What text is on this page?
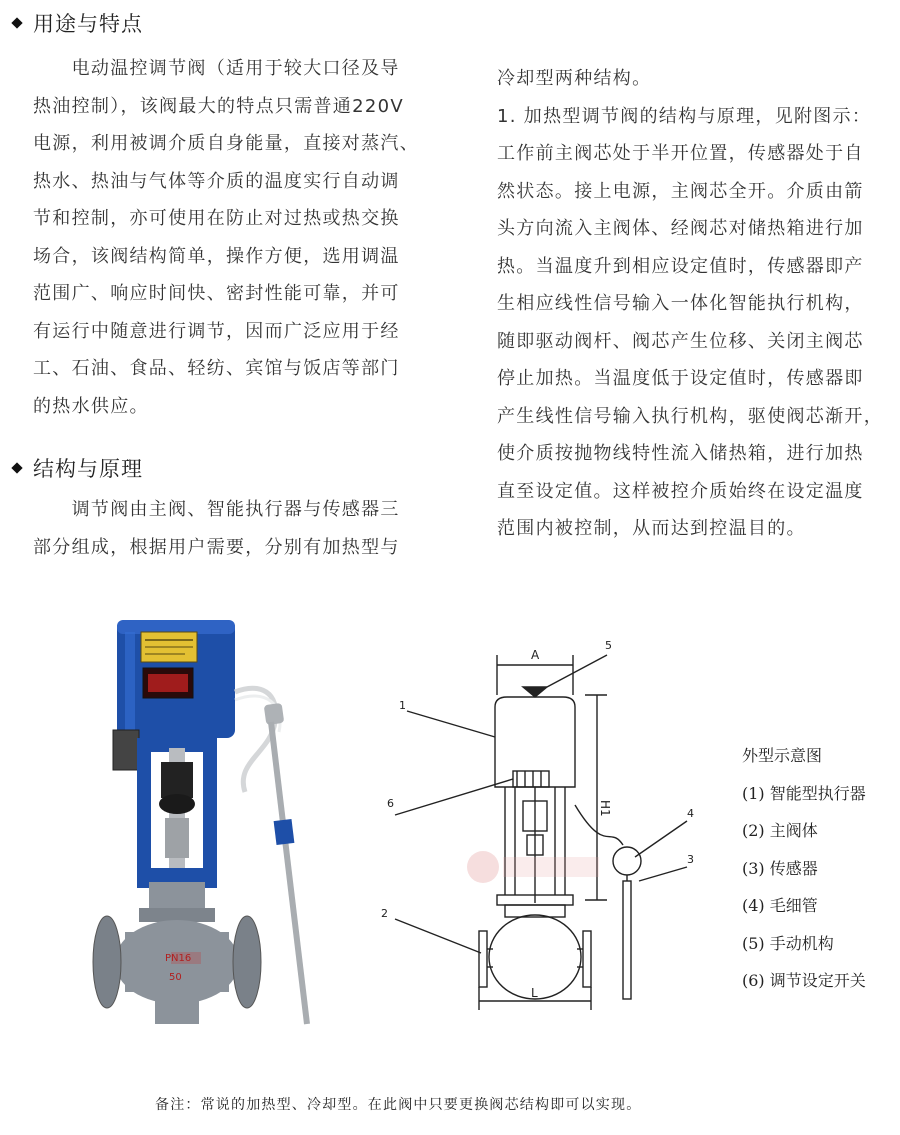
用途与特点
　　电动温控调节阀（适用于较大口径及导
热油控制），该阀最大的特点只需普通220V
电源，利用被调介质自身能量，直接对蒸汽、
热水、热油与气体等介质的温度实行自动调
节和控制，亦可使用在防止对过热或热交换
场合，该阀结构简单，操作方便，选用调温
范围广、响应时间快、密封性能可靠，并可
有运行中随意进行调节，因而广泛应用于经
工、石油、食品、轻纺、宾馆与饭店等部门
的热水供应。
结构与原理
　　调节阀由主阀、智能执行器与传感器三
部分组成，根据用户需要，分别有加热型与
冷却型两种结构。
1. 加热型调节阀的结构与原理，见附图示：
工作前主阀芯处于半开位置，传感器处于自
然状态。接上电源，主阀芯全开。介质由箭
头方向流入主阀体、经阀芯对储热箱进行加
热。当温度升到相应设定值时，传感器即产
生相应线性信号输入一体化智能执行机构，
随即驱动阀杆、阀芯产生位移、关闭主阀芯
停止加热。当温度低于设定值时，传感器即
产生线性信号输入执行机构，驱使阀芯渐开，
使介质按抛物线特性流入储热箱，进行加热
直至设定值。这样被控介质始终在设定温度
范围内被控制，从而达到控温目的。
PN16
50
A
H1
L
1
2
3
4
5
6
外型示意图
(1) 智能型执行器
(2) 主阀体
(3) 传感器
(4) 毛细管
(5) 手动机构
(6) 调节设定开关
备注：常说的加热型、冷却型。在此阀中只要更换阀芯结构即可以实现。
